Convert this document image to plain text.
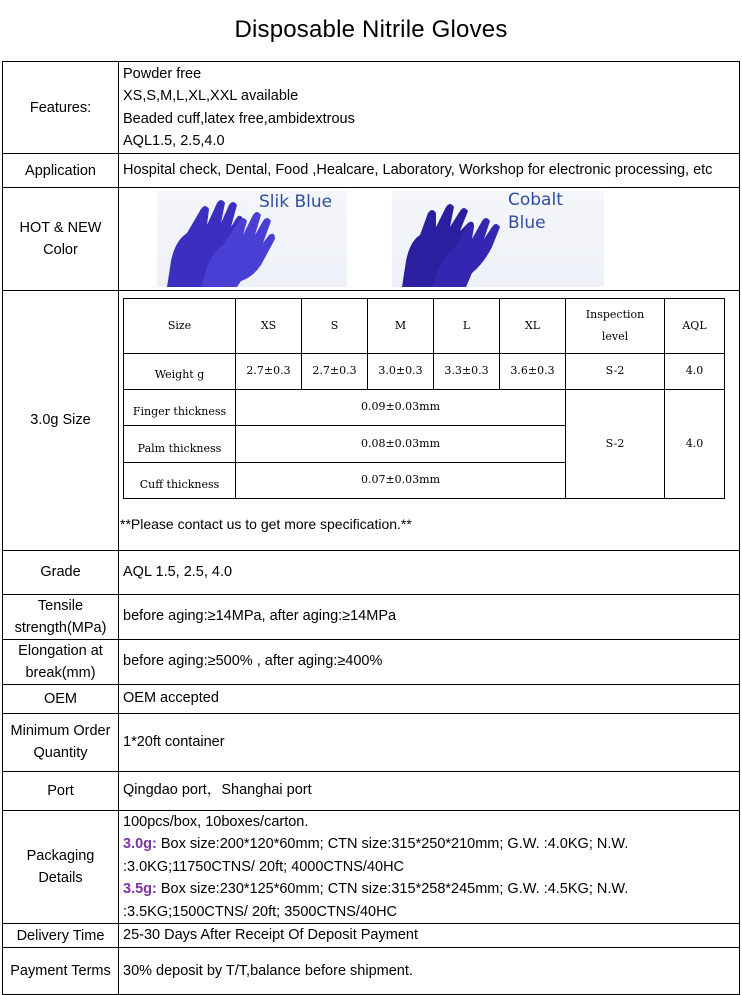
Disposable Nitrile Gloves
Features:	
Powder free
XS,S,M,L,XL,XXL available
Beaded cuff,latex free,ambidextrous
AQL1.5, 2.5,4.0

Application	Hospital check, Dental, Food ,Healcare, Laboratory, Workshop for electronic processing, etc

HOT & NEW
Color

Slik Blue	Cobalt Blue

3.0g Size	
Size	XS	S	M	L	XL	Inspection level	AQL
Weight g	2.7±0.3	2.7±0.3	3.0±0.3	3.3±0.3	3.6±0.3	S-2	4.0
Finger thickness	0.09±0.03mm	S-2	4.0
Palm thickness	0.08±0.03mm
Cuff thickness	0.07±0.03mm
**Please contact us to get more specification.**

Grade	AQL 1.5, 2.5, 4.0
Tensile strength(MPa)	before aging:≥14MPa, after aging:≥14MPa
Elongation at break(mm)	before aging:≥500% , after aging:≥400%
OEM	OEM accepted
Minimum Order Quantity	1*20ft container
Port	Qingdao port，Shanghai port
Packaging Details	
100pcs/box, 10boxes/carton.
3.0g: Box size:200*120*60mm; CTN size:315*250*210mm; G.W. :4.0KG; N.W. :3.0KG;11750CTNS/ 20ft; 4000CTNS/40HC
3.5g: Box size:230*125*60mm; CTN size:315*258*245mm; G.W. :4.5KG; N.W. :3.5KG;1500CTNS/ 20ft; 3500CTNS/40HC

Delivery Time	25-30 Days After Receipt Of Deposit Payment
Payment Terms	30% deposit by T/T,balance before shipment.
